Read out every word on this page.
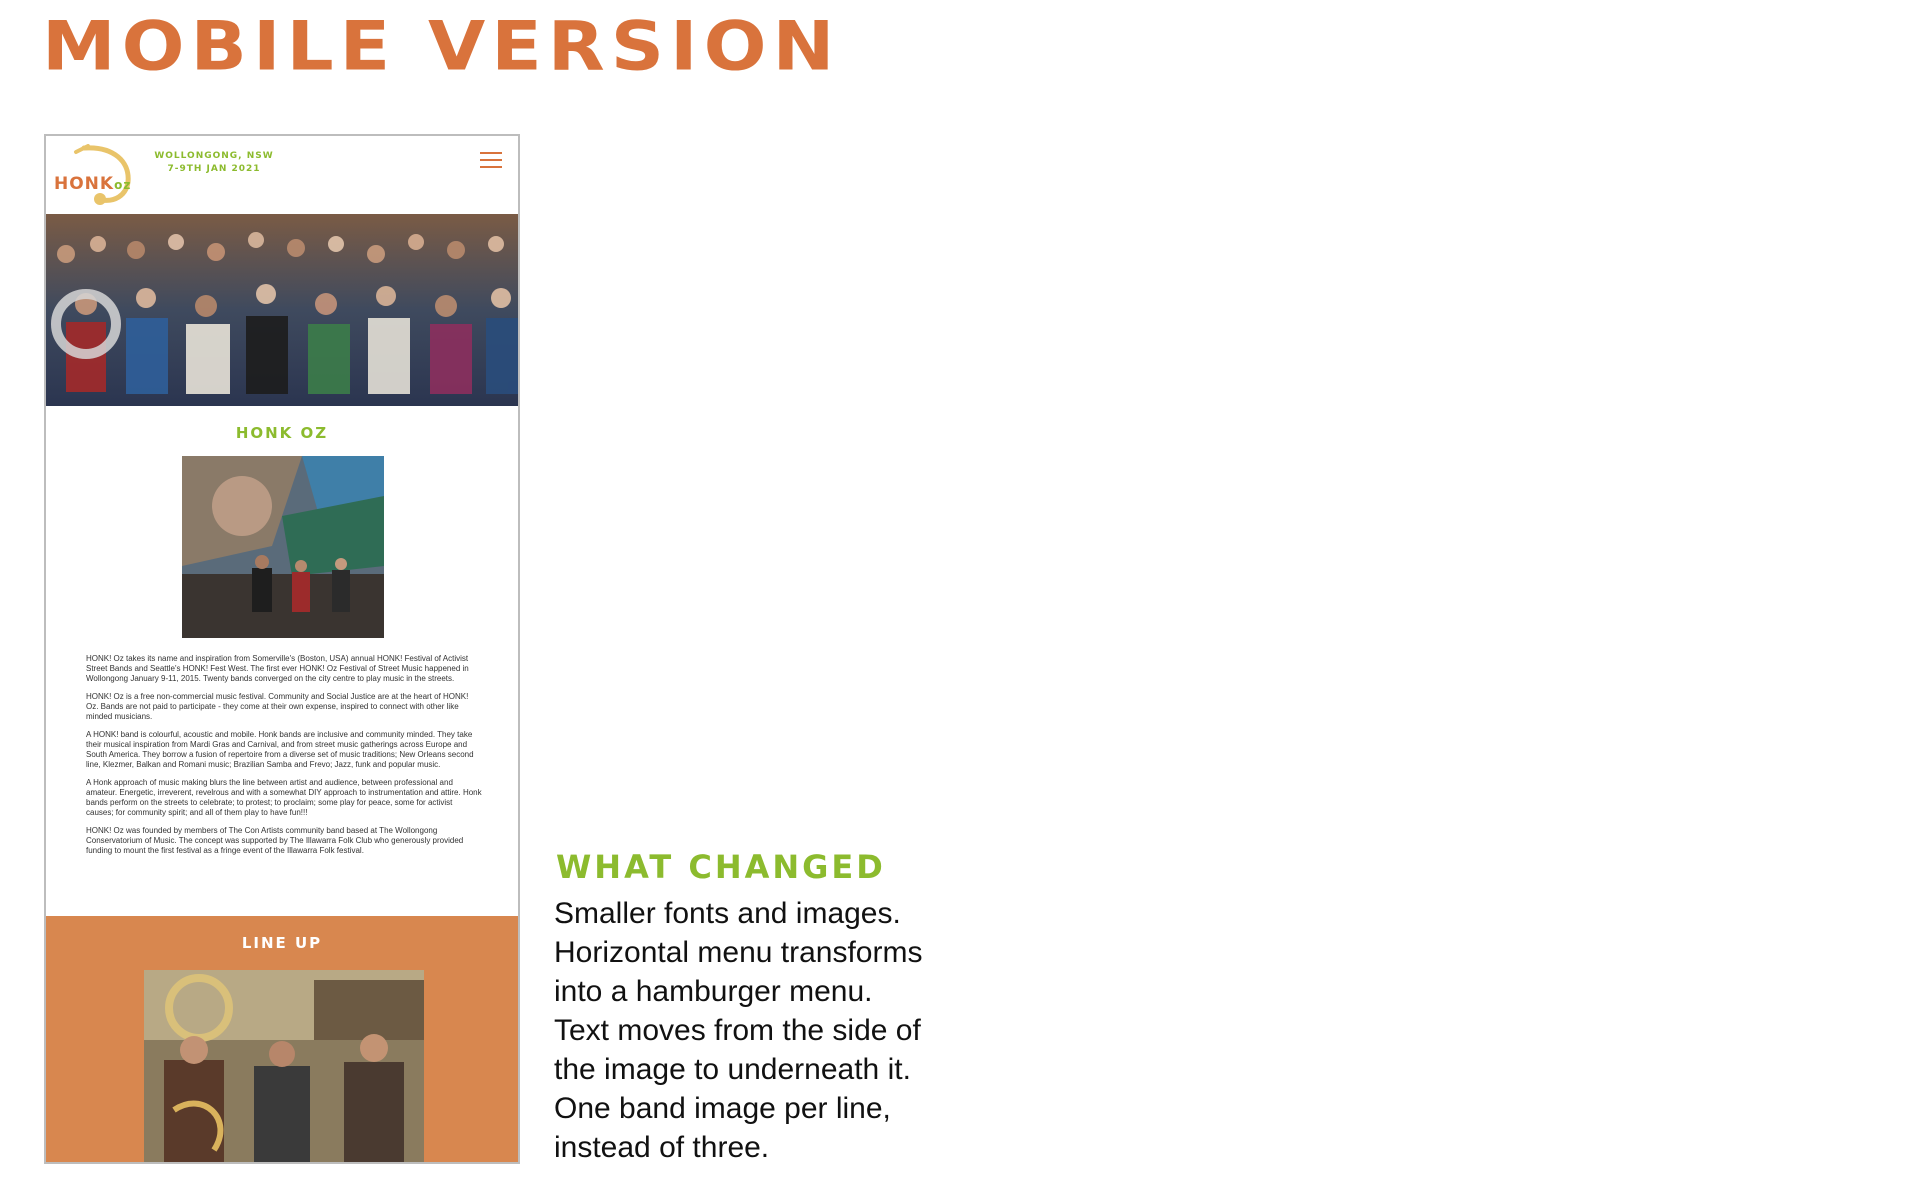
MOBILE VERSION
HONKoz
WOLLONGONG, NSW
7-9TH JAN 2021
HONK OZ

HONK! Oz takes its name and inspiration from Somerville's (Boston, USA) annual HONK! Festival of Activist Street Bands and Seattle's HONK! Fest West. The first ever HONK! Oz Festival of Street Music happened in Wollongong January 9-11, 2015. Twenty bands converged on the city centre to play music in the streets.

HONK! Oz is a free non-commercial music festival. Community and Social Justice are at the heart of HONK! Oz. Bands are not paid to participate - they come at their own expense, inspired to connect with other like minded musicians.

A HONK! band is colourful, acoustic and mobile. Honk bands are inclusive and community minded. They take their musical inspiration from Mardi Gras and Carnival, and from street music gatherings across Europe and South America. They borrow a fusion of repertoire from a diverse set of music traditions; New Orleans second line, Klezmer, Balkan and Romani music; Brazilian Samba and Frevo; Jazz, funk and popular music.

A Honk approach of music making blurs the line between artist and audience, between professional and amateur. Energetic, irreverent, revelrous and with a somewhat DIY approach to instrumentation and attire. Honk bands perform on the streets to celebrate; to protest; to proclaim; some play for peace, some for activist causes; for community spirit; and all of them play to have fun!!!

HONK! Oz was founded by members of The Con Artists community band based at The Wollongong Conservatorium of Music. The concept was supported by The Illawarra Folk Club who generously provided funding to mount the first festival as a fringe event of the Illawarra Folk festival.

LINE UP
WHAT CHANGED
Smaller fonts and images.
Horizontal menu transforms
into a hamburger menu.
Text moves from the side of
the image to underneath it.
One band image per line,
instead of three.
